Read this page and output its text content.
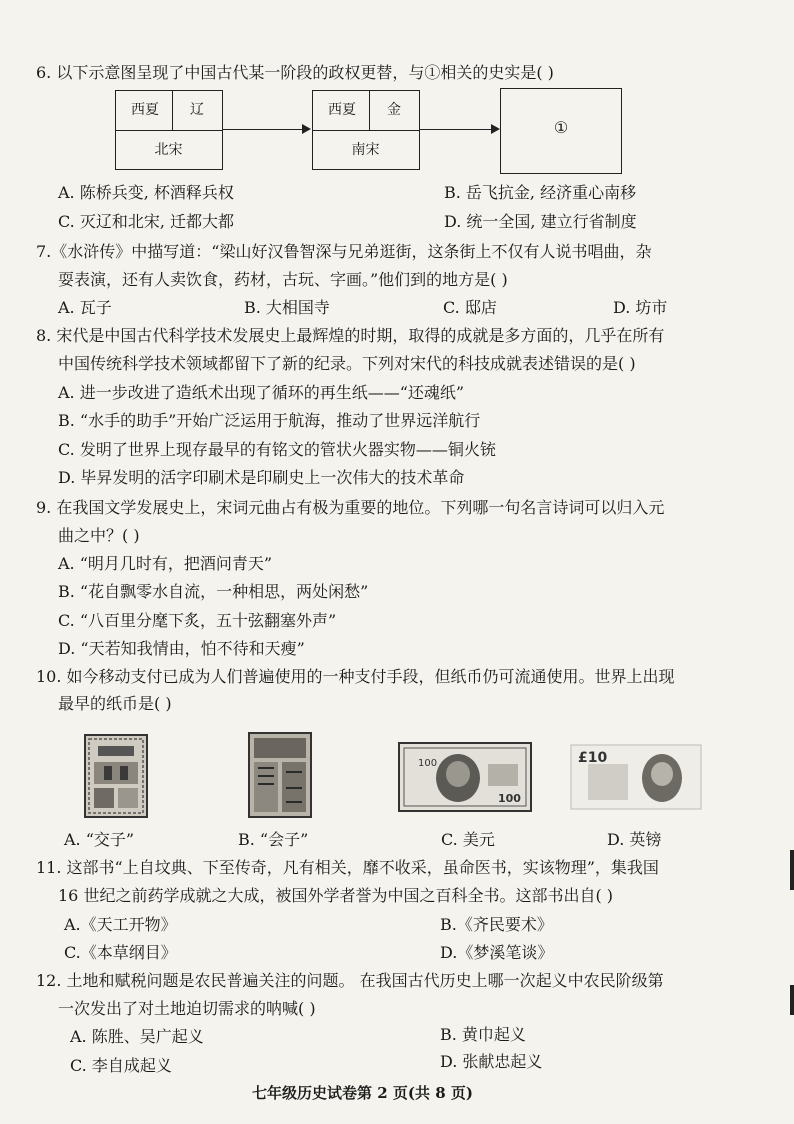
6. 以下示意图呈现了中国古代某一阶段的政权更替，与①相关的史实是( )
西夏	辽
北宋
西夏	金
南宋
①
A. 陈桥兵变, 杯酒释兵权	B. 岳飞抗金, 经济重心南移
C. 灭辽和北宋, 迁都大都	D. 统一全国, 建立行省制度
7.《水浒传》中描写道：“梁山好汉鲁智深与兄弟逛街，这条街上不仅有人说书唱曲，杂
耍表演，还有人卖饮食，药材，古玩、字画。”他们到的地方是( )
A. 瓦子	B. 大相国寺	C. 邸店	D. 坊市
8. 宋代是中国古代科学技术发展史上最辉煌的时期，取得的成就是多方面的，几乎在所有
中国传统科学技术领域都留下了新的纪录。下列对宋代的科技成就表述错误的是( )
A. 进一步改进了造纸术出现了循环的再生纸——“还魂纸”
B. “水手的助手”开始广泛运用于航海，推动了世界远洋航行
C. 发明了世界上现存最早的有铭文的管状火器实物——铜火铳
D. 毕昇发明的活字印刷术是印刷史上一次伟大的技术革命
9. 在我国文学发展史上，宋词元曲占有极为重要的地位。下列哪一句名言诗词可以归入元
曲之中？( )
A. “明月几时有，把酒问青天”
B. “花自飘零水自流，一种相思，两处闲愁”
C. “八百里分麾下炙，五十弦翻塞外声”
D. “天若知我情由，怕不待和天瘦”
10. 如今移动支付已成为人们普遍使用的一种支付手段，但纸币仍可流通使用。世界上出现
最早的纸币是( )
100
100
£10
A. “交子”	B. “会子”	C. 美元	D. 英镑
11. 这部书“上自坟典、下至传奇，凡有相关，靡不收采，虽命医书，实该物理”，集我国
16 世纪之前药学成就之大成，被国外学者誉为中国之百科全书。这部书出自( )
A.《天工开物》	B.《齐民要术》
C.《本草纲目》	D.《梦溪笔谈》
12. 土地和赋税问题是农民普遍关注的问题。 在我国古代历史上哪一次起义中农民阶级第
一次发出了对土地迫切需求的呐喊( )
A. 陈胜、吴广起义	B. 黄巾起义
C. 李自成起义	D. 张献忠起义
七年级历史试卷第 2 页(共 8 页)
